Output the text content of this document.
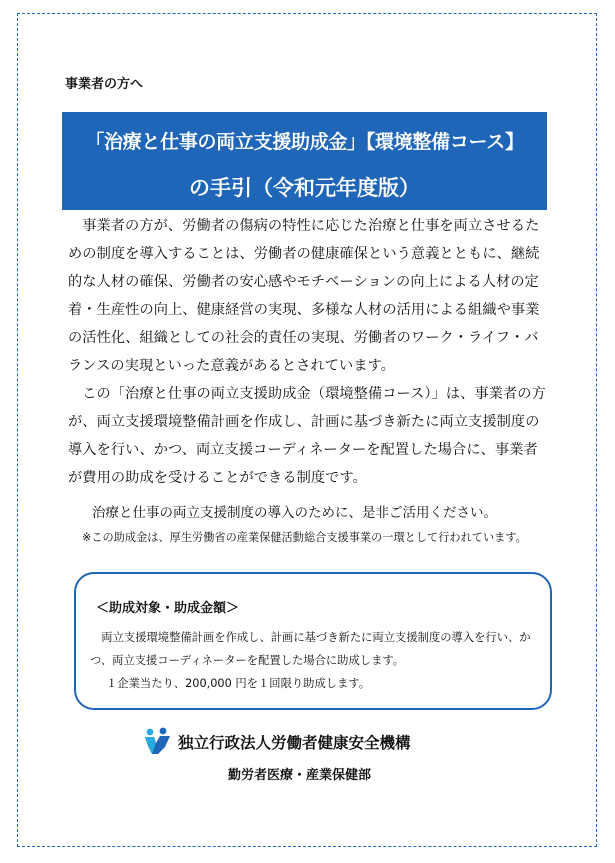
事業者の方へ
「治療と仕事の両立支援助成金」【環境整備コース】
の手引（令和元年度版）

事業者の方が、労働者の傷病の特性に応じた治療と仕事を両立させるための制度を導入することは、労働者の健康確保という意義とともに、継続的な人材の確保、労働者の安心感やモチベーションの向上による人材の定着・生産性の向上、健康経営の実現、多様な人材の活用による組織や事業の活性化、組織としての社会的責任の実現、労働者のワーク・ライフ・バランスの実現といった意義があるとされています。

この「治療と仕事の両立支援助成金（環境整備コース）」は、事業者の方が、両立支援環境整備計画を作成し、計画に基づき新たに両立支援制度の導入を行い、かつ、両立支援コーディネーターを配置した場合に、事業者が費用の助成を受けることができる制度です。

治療と仕事の両立支援制度の導入のために、是非ご活用ください。
※この助成金は、厚生労働省の産業保健活動総合支援事業の一環として行われています。
＜助成対象・助成金額＞
両立支援環境整備計画を作成し、計画に基づき新たに両立支援制度の導入を行い、かつ、両立支援コーディネーターを配置した場合に助成します。
１企業当たり、200,000 円を１回限り助成します。
独立行政法人労働者健康安全機構
勤労者医療・産業保健部
